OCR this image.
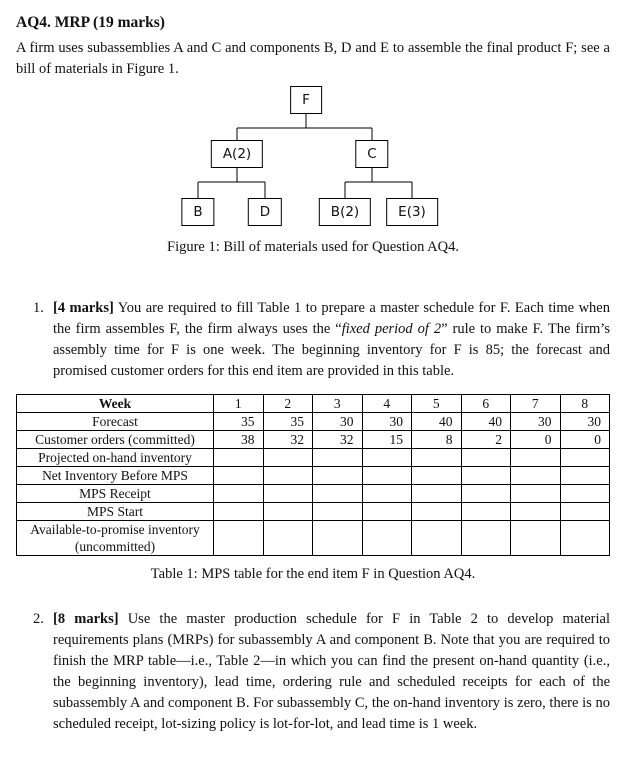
AQ4. MRP (19 marks)

A firm uses subassemblies A and C and components B, D and E to assemble the final product F; see a bill of materials in Figure 1.

F
A(2)	C
B	D	B(2)	E(3)
Figure 1: Bill of materials used for Question AQ4.
1. [4 marks] You are required to fill Table 1 to prepare a master schedule for F. Each time when the firm assembles F, the firm always uses the “fixed period of 2” rule to make F. The firm’s assembly time for F is one week. The beginning inventory for F is 85; the forecast and promised customer orders for this end item are provided in this table.
Week	1	2	3	4	5	6	7	8
Forecast	35	35	30	30	40	40	30	30
Customer orders (committed)	38	32	32	15	8	2	0	0
Projected on-hand inventory								
Net Inventory Before MPS								
MPS Receipt								
MPS Start								
Available-to-promise inventory (uncommitted)								
Table 1: MPS table for the end item F in Question AQ4.
2. [8 marks] Use the master production schedule for F in Table 2 to develop material requirements plans (MRPs) for subassembly A and component B. Note that you are required to finish the MRP table—i.e., Table 2—in which you can find the present on-hand quantity (i.e., the beginning inventory), lead time, ordering rule and scheduled receipts for each of the subassembly A and component B. For subassembly C, the on-hand inventory is zero, there is no scheduled receipt, lot-sizing policy is lot-for-lot, and lead time is 1 week.
